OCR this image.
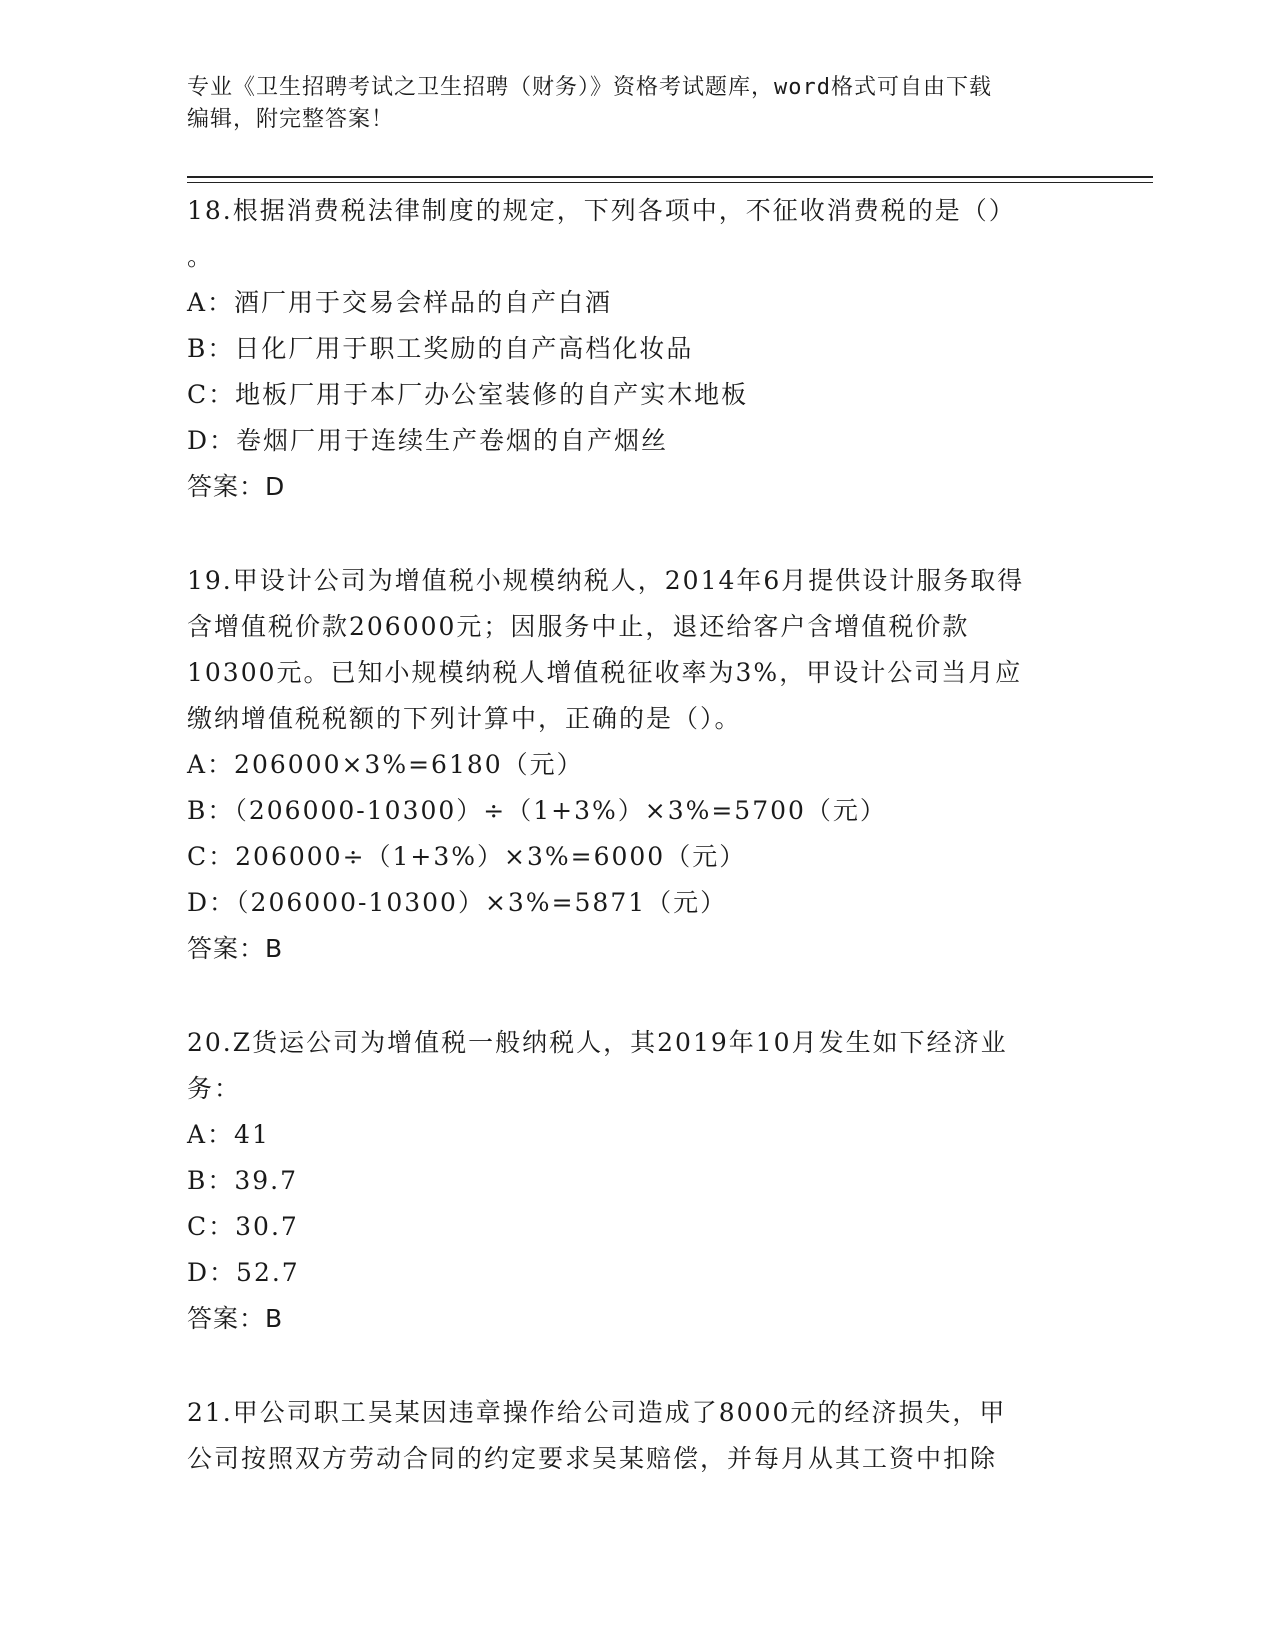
专业《卫生招聘考试之卫生招聘（财务）》资格考试题库，word格式可自由下载
编辑，附完整答案！

18.根据消费税法律制度的规定，下列各项中，不征收消费税的是（）

。

A：酒厂用于交易会样品的自产白酒

B：日化厂用于职工奖励的自产高档化妆品

C：地板厂用于本厂办公室装修的自产实木地板

D：卷烟厂用于连续生产卷烟的自产烟丝

答案：D

19.甲设计公司为增值税小规模纳税人，2014年6月提供设计服务取得

含增值税价款206000元；因服务中止，退还给客户含增值税价款

10300元。已知小规模纳税人增值税征收率为3%，甲设计公司当月应

缴纳增值税税额的下列计算中，正确的是（）。

A：206000×3%=6180（元）

B：（206000-10300）÷（1+3%）×3%=5700（元）

C：206000÷（1+3%）×3%=6000（元）

D：（206000-10300）×3%=5871（元）

答案：B

20.Z货运公司为增值税一般纳税人，其2019年10月发生如下经济业

务：

A：41

B：39.7

C：30.7

D：52.7

答案：B

21.甲公司职工吴某因违章操作给公司造成了8000元的经济损失，甲

公司按照双方劳动合同的约定要求吴某赔偿，并每月从其工资中扣除
